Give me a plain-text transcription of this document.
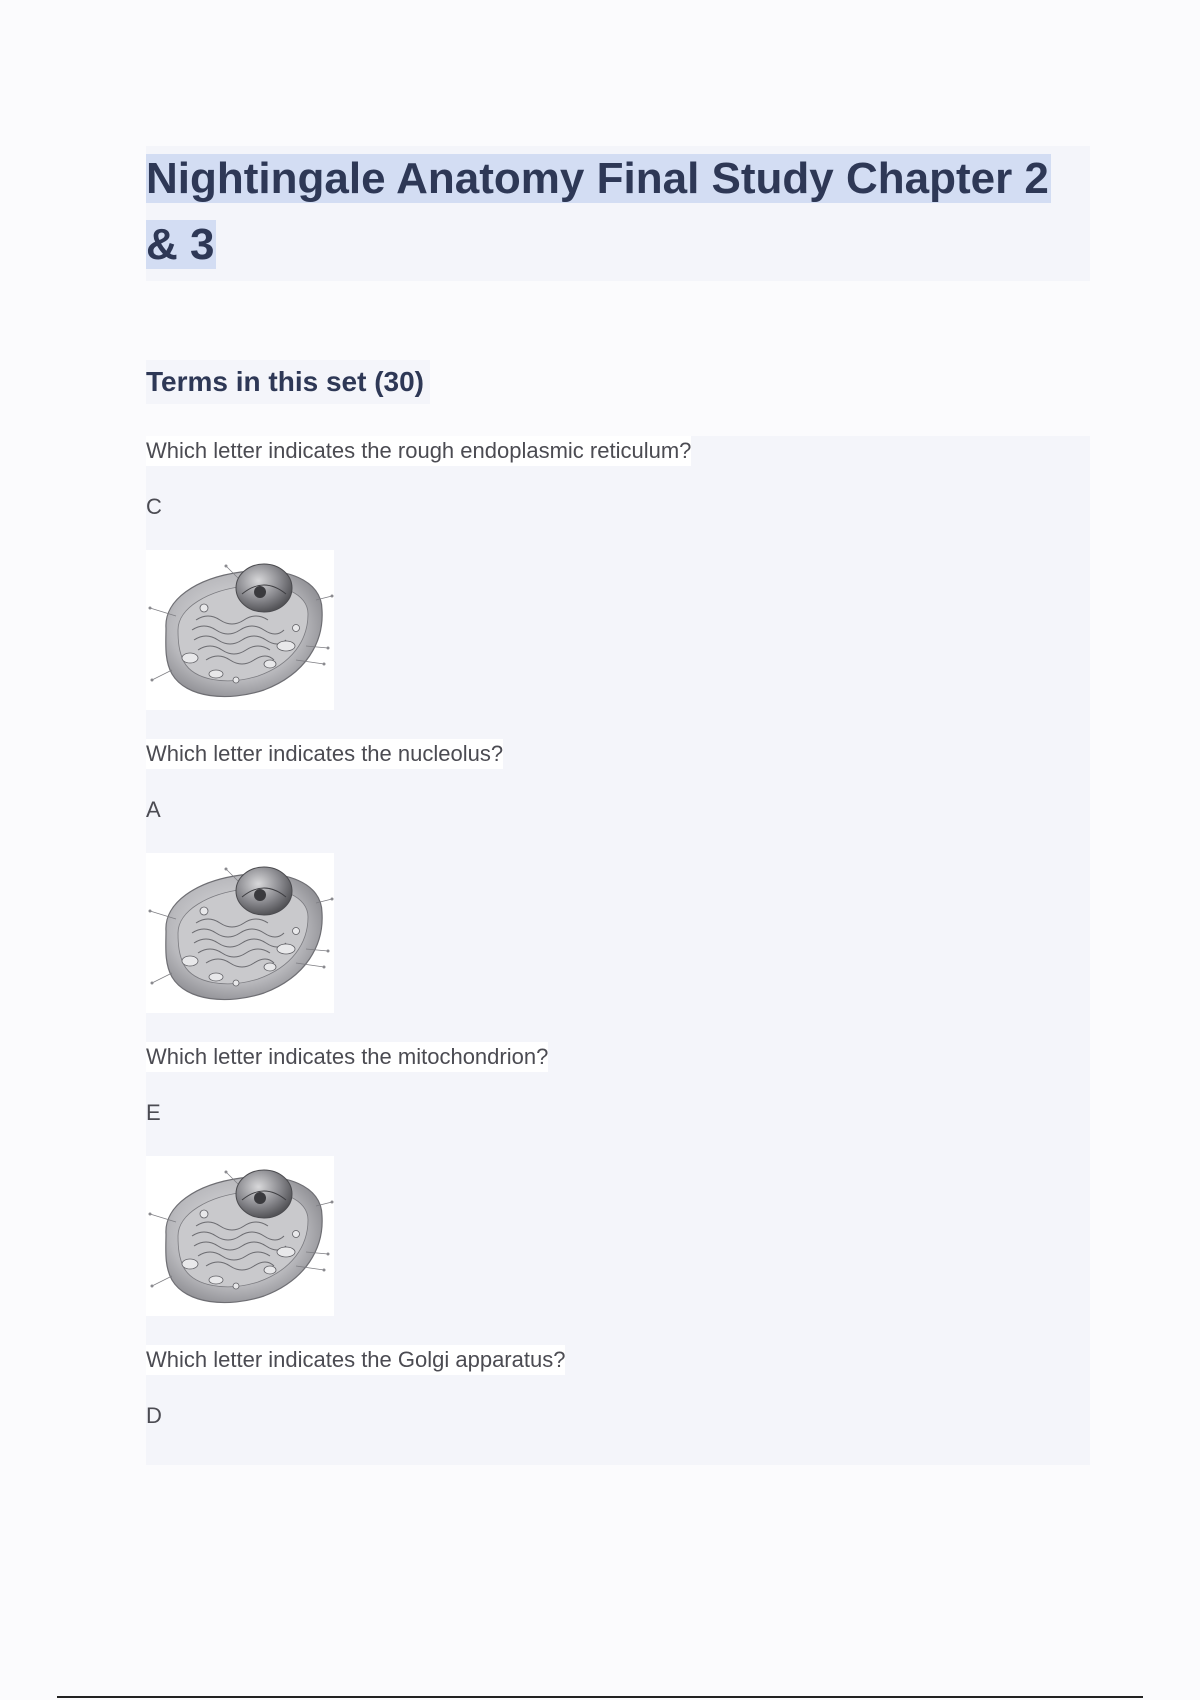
Nightingale Anatomy Final Study Chapter 2 & 3
Terms in this set (30)
Which letter indicates the rough endoplasmic reticulum?
C
Which letter indicates the nucleolus?
A
Which letter indicates the mitochondrion?
E
Which letter indicates the Golgi apparatus?
D
